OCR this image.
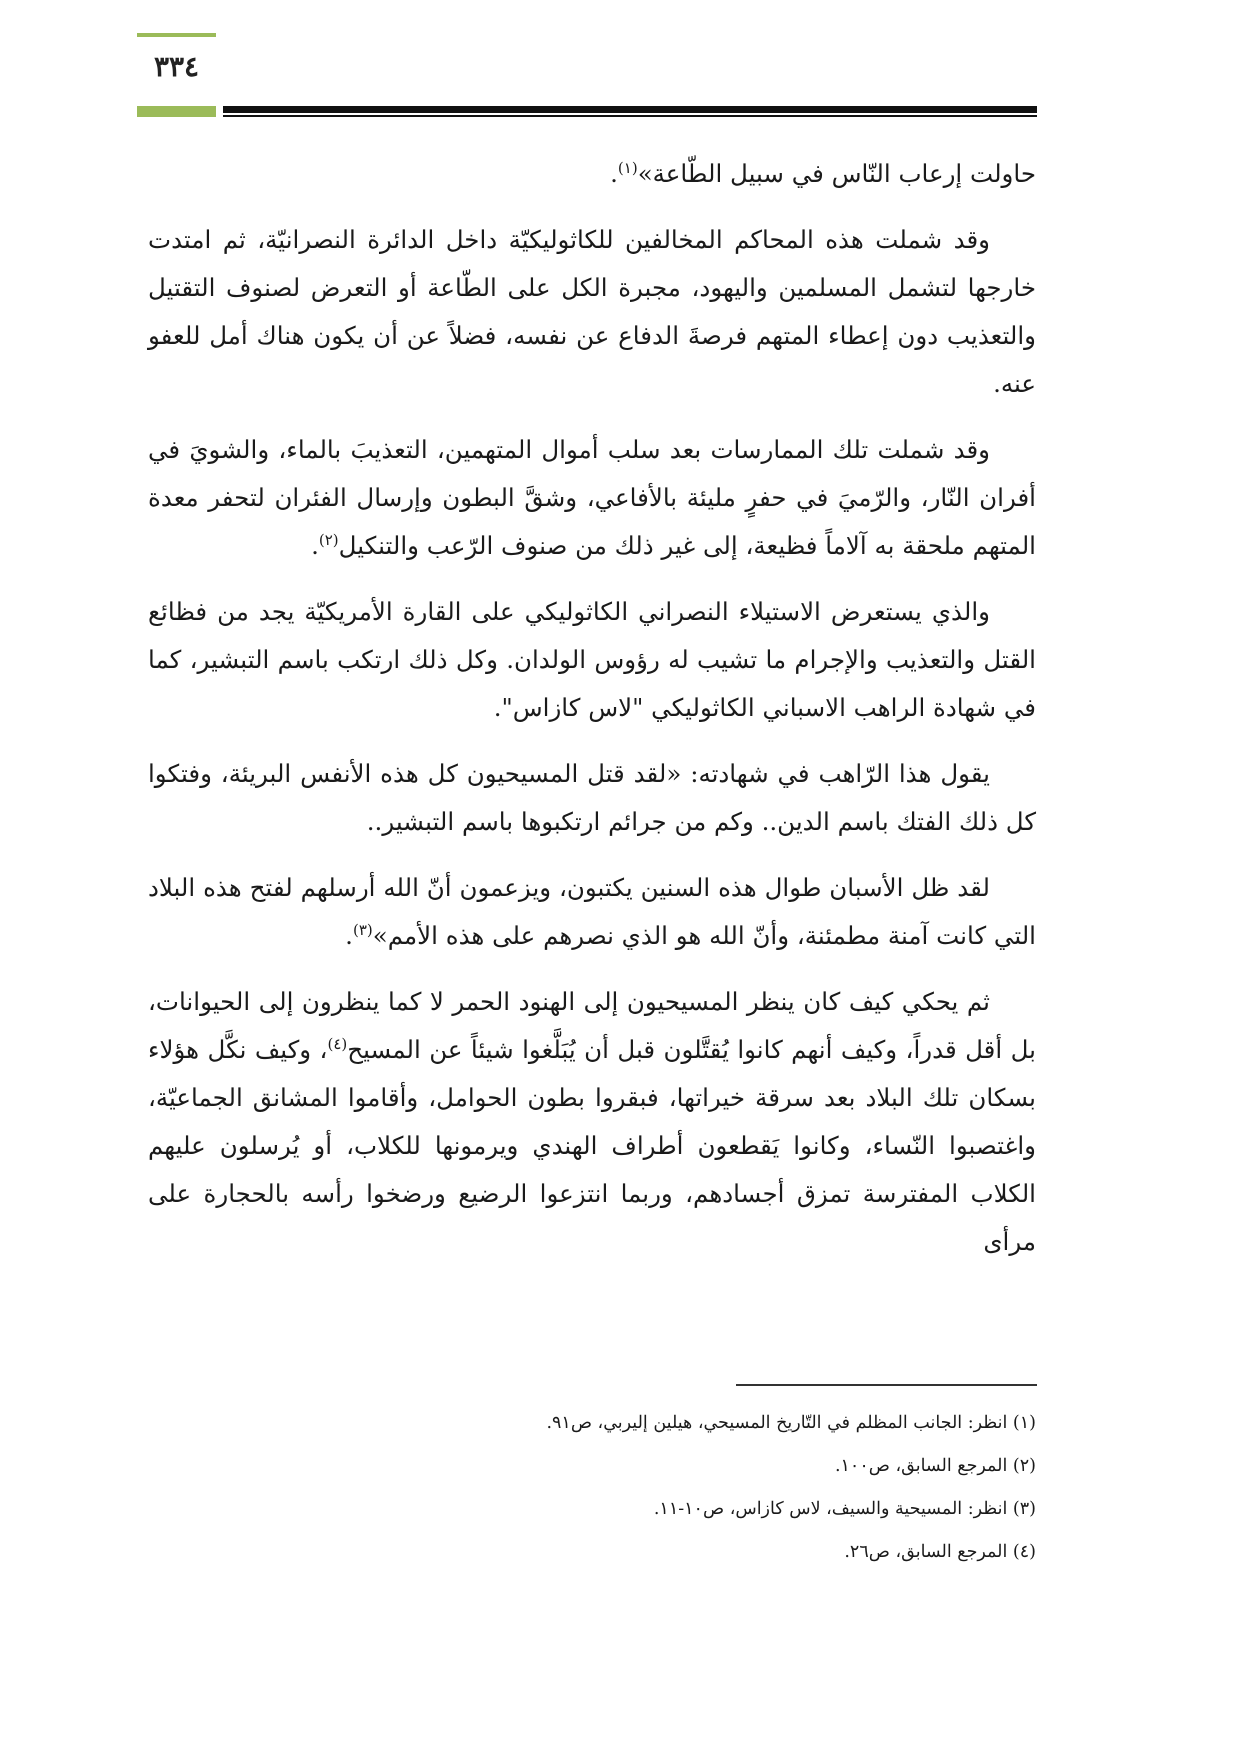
٣٣٤

حاولت إرعاب النّاس في سبيل الطّاعة»$^{(١)}$.

وقد شملت هذه المحاكم المخالفين للكاثوليكيّة داخل الدائرة النصرانيّة، ثم امتدت خارجها لتشمل المسلمين واليهود، مجبرة الكل على الطّاعة أو التعرض لصنوف التقتيل والتعذيب دون إعطاء المتهم فرصةَ الدفاع عن نفسه، فضلاً عن أن يكون هناك أمل للعفو عنه.

وقد شملت تلك الممارسات بعد سلب أموال المتهمين، التعذيبَ بالماء، والشويَ في أفران النّار، والرّميَ في حفرٍ مليئة بالأفاعي، وشقَّ البطون وإرسال الفئران لتحفر معدة المتهم ملحقة به آلاماً فظيعة، إلى غير ذلك من صنوف الرّعب والتنكيل$^{(٢)}$.

والذي يستعرض الاستيلاء النصراني الكاثوليكي على القارة الأمريكيّة يجد من فظائع القتل والتعذيب والإجرام ما تشيب له رؤوس الولدان. وكل ذلك ارتكب باسم التبشير، كما في شهادة الراهب الاسباني الكاثوليكي "لاس كازاس".

يقول هذا الرّاهب في شهادته: «لقد قتل المسيحيون كل هذه الأنفس البريئة، وفتكوا كل ذلك الفتك باسم الدين.. وكم من جرائم ارتكبوها باسم التبشير..

لقد ظل الأسبان طوال هذه السنين يكتبون، ويزعمون أنّ الله أرسلهم لفتح هذه البلاد التي كانت آمنة مطمئنة، وأنّ الله هو الذي نصرهم على هذه الأمم»$^{(٣)}$.

ثم يحكي كيف كان ينظر المسيحيون إلى الهنود الحمر لا كما ينظرون إلى الحيوانات، بل أقل قدراً، وكيف أنهم كانوا يُقتَّلون قبل أن يُبَلَّغوا شيئاً عن المسيح$^{(٤)}$، وكيف نكَّل هؤلاء بسكان تلك البلاد بعد سرقة خيراتها، فبقروا بطون الحوامل، وأقاموا المشانق الجماعيّة، واغتصبوا النّساء، وكانوا يَقطعون أطراف الهندي ويرمونها للكلاب، أو يُرسلون عليهم الكلاب المفترسة تمزق أجسادهم، وربما انتزعوا الرضيع ورضخوا رأسه بالحجارة على مرأى

(١) انظر: الجانب المظلم في التّاريخ المسيحي، هيلين إليربي، ص٩١.
(٢) المرجع السابق، ص١٠٠.
(٣) انظر: المسيحية والسيف، لاس كازاس، ص١٠-١١.
(٤) المرجع السابق، ص٢٦.
